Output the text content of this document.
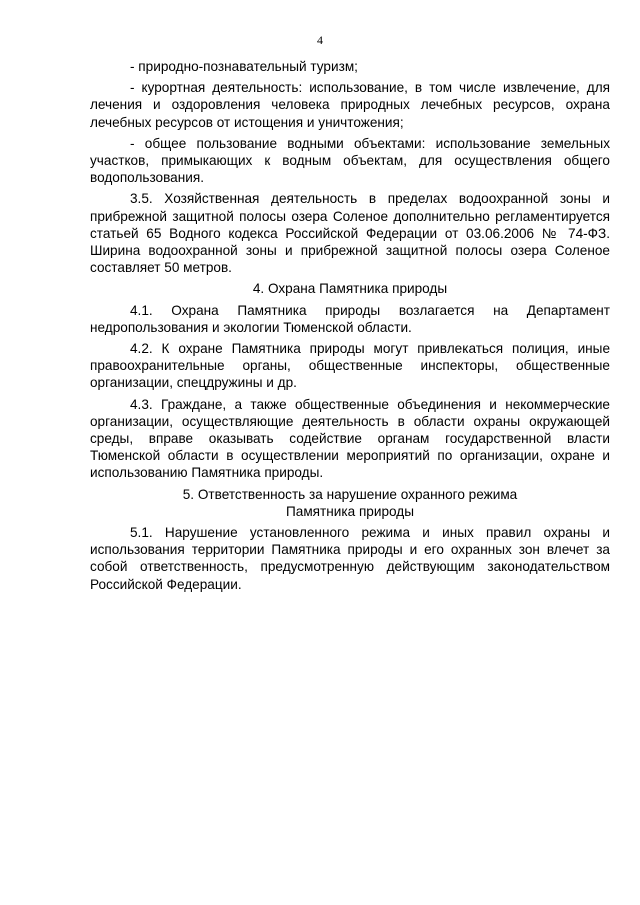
4

- природно-познавательный туризм;

- курортная деятельность: использование, в том числе извлечение, для лечения и оздоровления человека природных лечебных ресурсов, охрана лечебных ресурсов от истощения и уничтожения;

- общее пользование водными объектами: использование земельных участков, примыкающих к водным объектам, для осуществления общего водопользования.

3.5. Хозяйственная деятельность в пределах водоохранной зоны и прибрежной защитной полосы озера Соленое дополнительно регламентируется статьей 65 Водного кодекса Российской Федерации от 03.06.2006 № 74-ФЗ. Ширина водоохранной зоны и прибрежной защитной полосы озера Соленое составляет 50 метров.

4. Охрана Памятника природы

4.1. Охрана Памятника природы возлагается на Департамент недропользования и экологии Тюменской области.

4.2. К охране Памятника природы могут привлекаться полиция, иные правоохранительные органы, общественные инспекторы, общественные организации, спецдружины и др.

4.3. Граждане, а также общественные объединения и некоммерческие организации, осуществляющие деятельность в области охраны окружающей среды, вправе оказывать содействие органам государственной власти Тюменской области в осуществлении мероприятий по организации, охране и использованию Памятника природы.

5. Ответственность за нарушение охранного режима
Памятника природы

5.1. Нарушение установленного режима и иных правил охраны и использования территории Памятника природы и его охранных зон влечет за собой ответственность, предусмотренную действующим законодательством Российской Федерации.
